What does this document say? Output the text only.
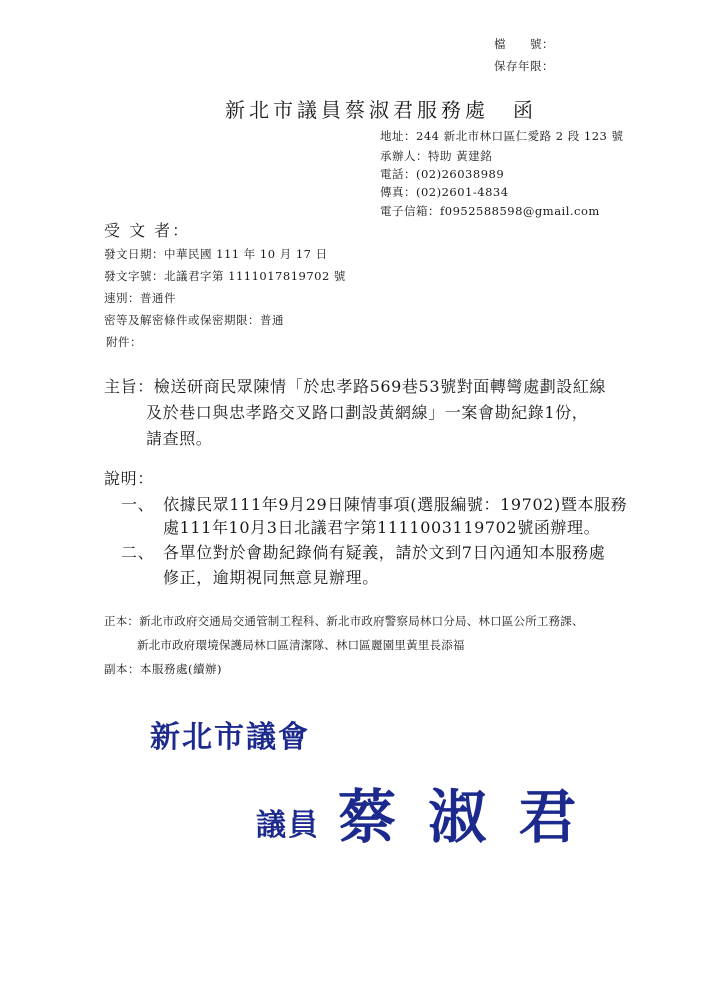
檔　　號：
保存年限：
新北市議員蔡淑君服務處　函
地址：244 新北市林口區仁愛路 2 段 123 號
承辦人：特助 黃建銘
電話：(02)26038989
傳真：(02)2601-4834
電子信箱：f0952588598@gmail.com
受 文 者：
發文日期：中華民國 111 年 10 月 17 日
發文字號：北議君字第 1111017819702 號
速別：普通件
密等及解密條件或保密期限：普通
附件：
主旨：檢送研商民眾陳情「於忠孝路569巷53號對面轉彎處劃設紅線
及於巷口與忠孝路交叉路口劃設黃網線」一案會勘紀錄1份，
請查照。
說明：
一、 依據民眾111年9月29日陳情事項(選服編號：19702)暨本服務
處111年10月3日北議君字第1111003119702號函辦理。
二、 各單位對於會勘紀錄倘有疑義，請於文到7日內通知本服務處
修正，逾期視同無意見辦理。
正本：新北市政府交通局交通管制工程科、新北市政府警察局林口分局、林口區公所工務課、
新北市政府環境保護局林口區清潔隊、林口區麗園里黃里長添福
副本：本服務處(續辦)
新北市議會
議員 蔡 淑 君
